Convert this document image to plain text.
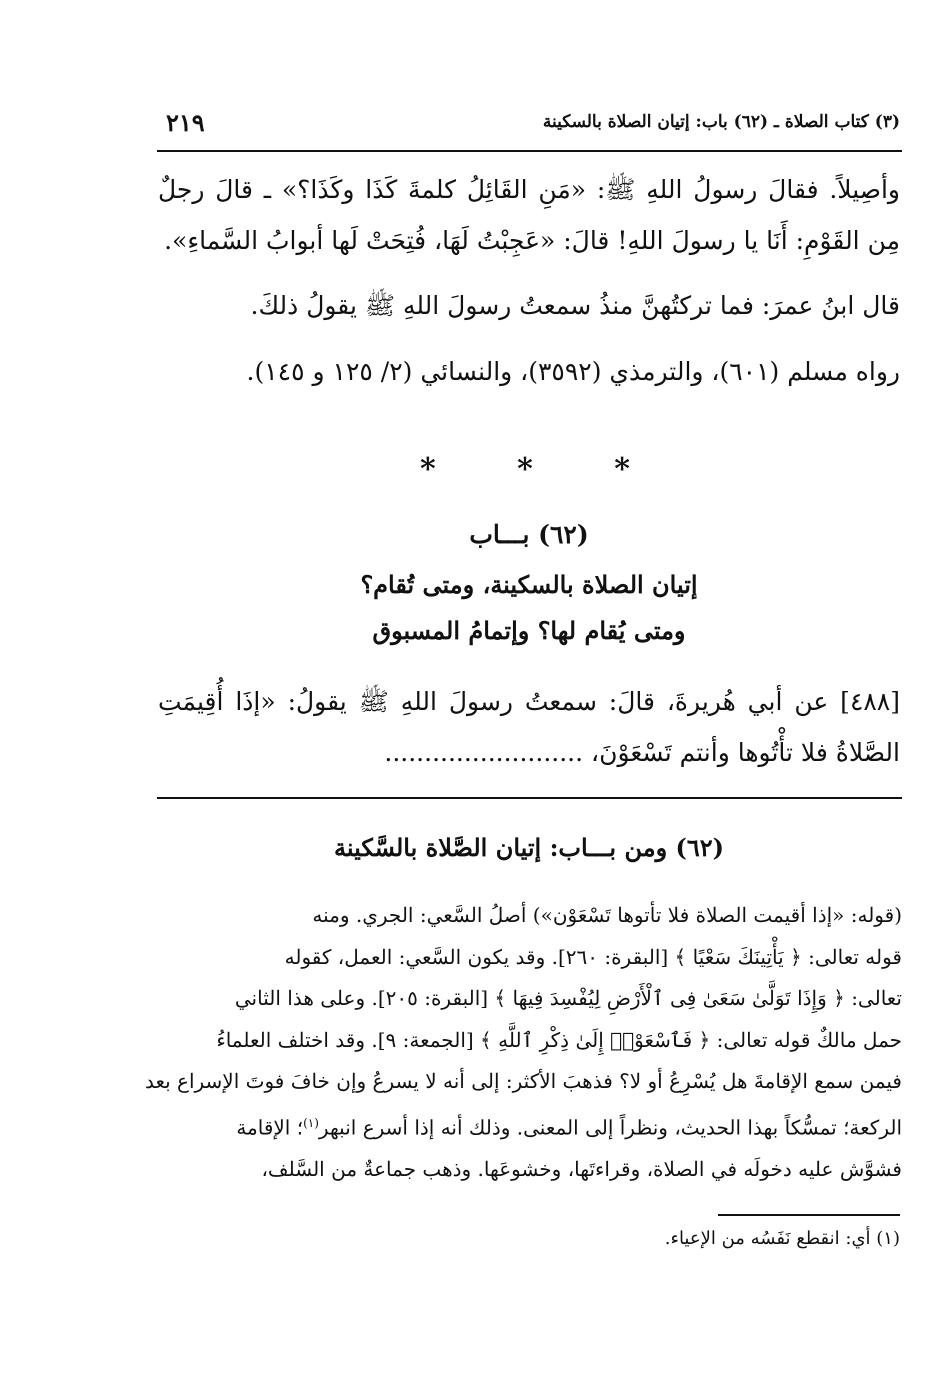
(٣) كتاب الصلاة ـ (٦٢) باب: إتيان الصلاة بالسكينة
٢١٩
وأصِيلاً. فقالَ رسولُ اللهِ ﷺ: «مَنِ القَائِلُ كلمةَ كَذَا وكَذَا؟» ـ قالَ رجلٌ مِن القَوْمِ: أَنَا يا رسولَ اللهِ! قالَ: «عَجِبْتُ لَهَا، فُتِحَتْ لَها أبوابُ السَّماءِ».
قال ابنُ عمرَ: فما تركتُهنَّ منذُ سمعتُ رسولَ اللهِ ﷺ يقولُ ذلكَ.
رواه مسلم (٦٠١)، والترمذي (٣٥٩٢)، والنسائي (٢/ ١٢٥ و ١٤٥).
*	*	*
(٦٢) بـــاب
إتيان الصلاة بالسكينة، ومتى تُقام؟
ومتى يُقام لها؟ وإتمامُ المسبوق
[٤٨٨] عن أبي هُريرةَ، قالَ: سمعتُ رسولَ اللهِ ﷺ يقولُ: «إذَا أُقِيمَتِ الصَّلاةُ فلا تأْتُوها وأنتم تَسْعَوْنَ، .........................
(٦٢) ومن بـــاب: إتيان الصَّلاة بالسَّكينة
(قوله: «إذا أقيمت الصلاة فلا تأتوها تَسْعَوْن») أصلُ السَّعي: الجري. ومنه
قوله تعالى: ﴿ يَأْتِينَكَ سَعْيًا ﴾ [البقرة: ٢٦٠]. وقد يكون السَّعي: العمل، كقوله
تعالى: ﴿ وَإِذَا تَوَلَّىٰ سَعَىٰ فِى ٱلْأَرْضِ لِيُفْسِدَ فِيهَا ﴾ [البقرة: ٢٠٥]. وعلى هذا الثاني
حمل مالكٌ قوله تعالى: ﴿ فَٱسْعَوْا۟ إِلَىٰ ذِكْرِ ٱللَّهِ ﴾ [الجمعة: ٩]. وقد اختلف العلماءُ
فيمن سمع الإقامةَ هل يُسْرِعُ أو لا؟ فذهبَ الأكثر: إلى أنه لا يسرعُ وإن خافَ فوتَ الإسراع بعد
الركعة؛ تمسُّكاً بهذا الحديث، ونظراً إلى المعنى. وذلك أنه إذا أسرع انبهر$^{(١)}$؛ الإقامة
فشوَّش عليه دخولَه في الصلاة، وقراءتَها، وخشوعَها. وذهب جماعةٌ من السَّلف،
(١) أي: انقطع نَفَسُه من الإعياء.
